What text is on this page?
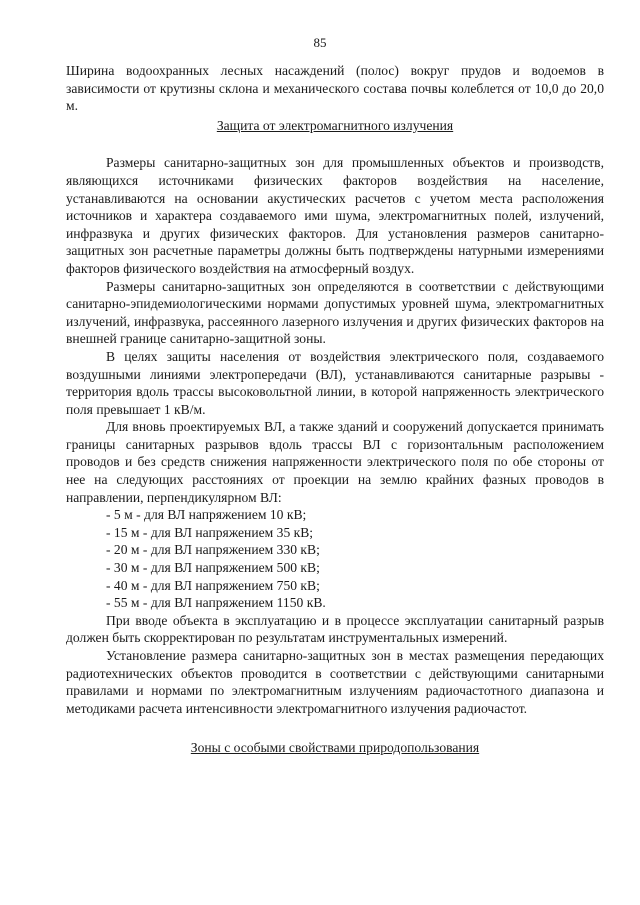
85

Ширина водоохранных лесных насаждений (полос) вокруг прудов и водоемов в зависимости от крутизны склона и механического состава почвы колеблется от 10,0 до 20,0 м.

Защита от электромагнитного излучения

Размеры санитарно-защитных зон для промышленных объектов и производств, являющихся источниками физических факторов воздействия на население, устанавливаются на основании акустических расчетов с учетом места расположения источников и характера создаваемого ими шума, электромагнитных полей, излучений, инфразвука и других физических факторов. Для установления размеров санитарно-защитных зон расчетные параметры должны быть подтверждены натурными измерениями факторов физического воздействия на атмосферный воздух.

Размеры санитарно-защитных зон определяются в соответствии с действующими санитарно-эпидемиологическими нормами допустимых уровней шума, электромагнитных излучений, инфразвука, рассеянного лазерного излучения и других физических факторов на внешней границе санитарно-защитной зоны.

В целях защиты населения от воздействия электрического поля, создаваемого воздушными линиями электропередачи (ВЛ), устанавливаются санитарные разрывы - территория вдоль трассы высоковольтной линии, в которой напряженность электрического поля превышает 1 кВ/м.

Для вновь проектируемых ВЛ, а также зданий и сооружений допускается принимать границы санитарных разрывов вдоль трассы ВЛ с горизонтальным расположением проводов и без средств снижения напряженности электрического поля по обе стороны от нее на следующих расстояниях от проекции на землю крайних фазных проводов в направлении, перпендикулярном ВЛ:

- 5 м - для ВЛ напряжением 10 кВ;
- 15 м - для ВЛ напряжением 35 кВ;
- 20 м - для ВЛ напряжением 330 кВ;
- 30 м - для ВЛ напряжением 500 кВ;
- 40 м - для ВЛ напряжением 750 кВ;
- 55 м - для ВЛ напряжением 1150 кВ.

При вводе объекта в эксплуатацию и в процессе эксплуатации санитарный разрыв должен быть скорректирован по результатам инструментальных измерений.

Установление размера санитарно-защитных зон в местах размещения передающих радиотехнических объектов проводится в соответствии с действующими санитарными правилами и нормами по электромагнитным излучениям радиочастотного диапазона и методиками расчета интенсивности электромагнитного излучения радиочастот.

Зоны с особыми свойствами природопользования
